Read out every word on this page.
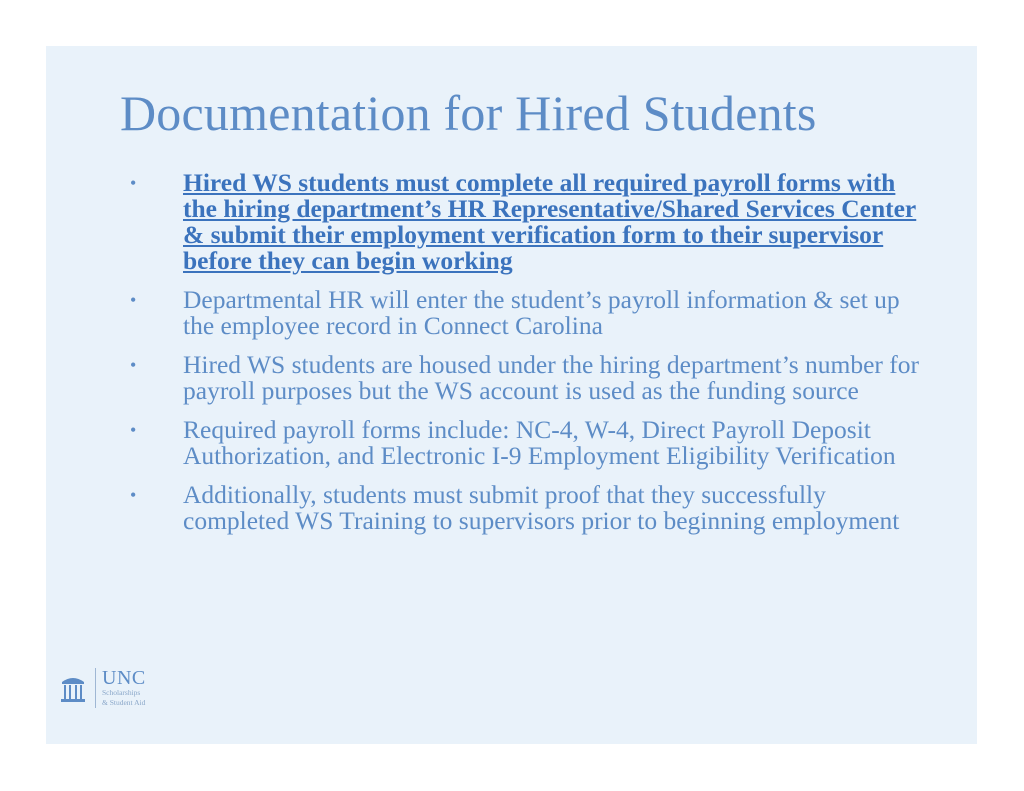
Documentation for Hired Students
•	Hired WS students must complete all required payroll forms with the hiring department’s HR Representative/Shared Services Center & submit their employment verification form to their supervisor before they can begin working
•	Departmental HR will enter the student’s payroll information & set up the employee record in Connect Carolina
•	Hired WS students are housed under the hiring department’s number for payroll purposes but the WS account is used as the funding source
•	Required payroll forms include: NC-4, W-4, Direct Payroll Deposit Authorization, and Electronic I-9 Employment Eligibility Verification
•	Additionally, students must submit proof that they successfully completed WS Training to supervisors prior to beginning employment
UNC
Scholarships
& Student Aid
